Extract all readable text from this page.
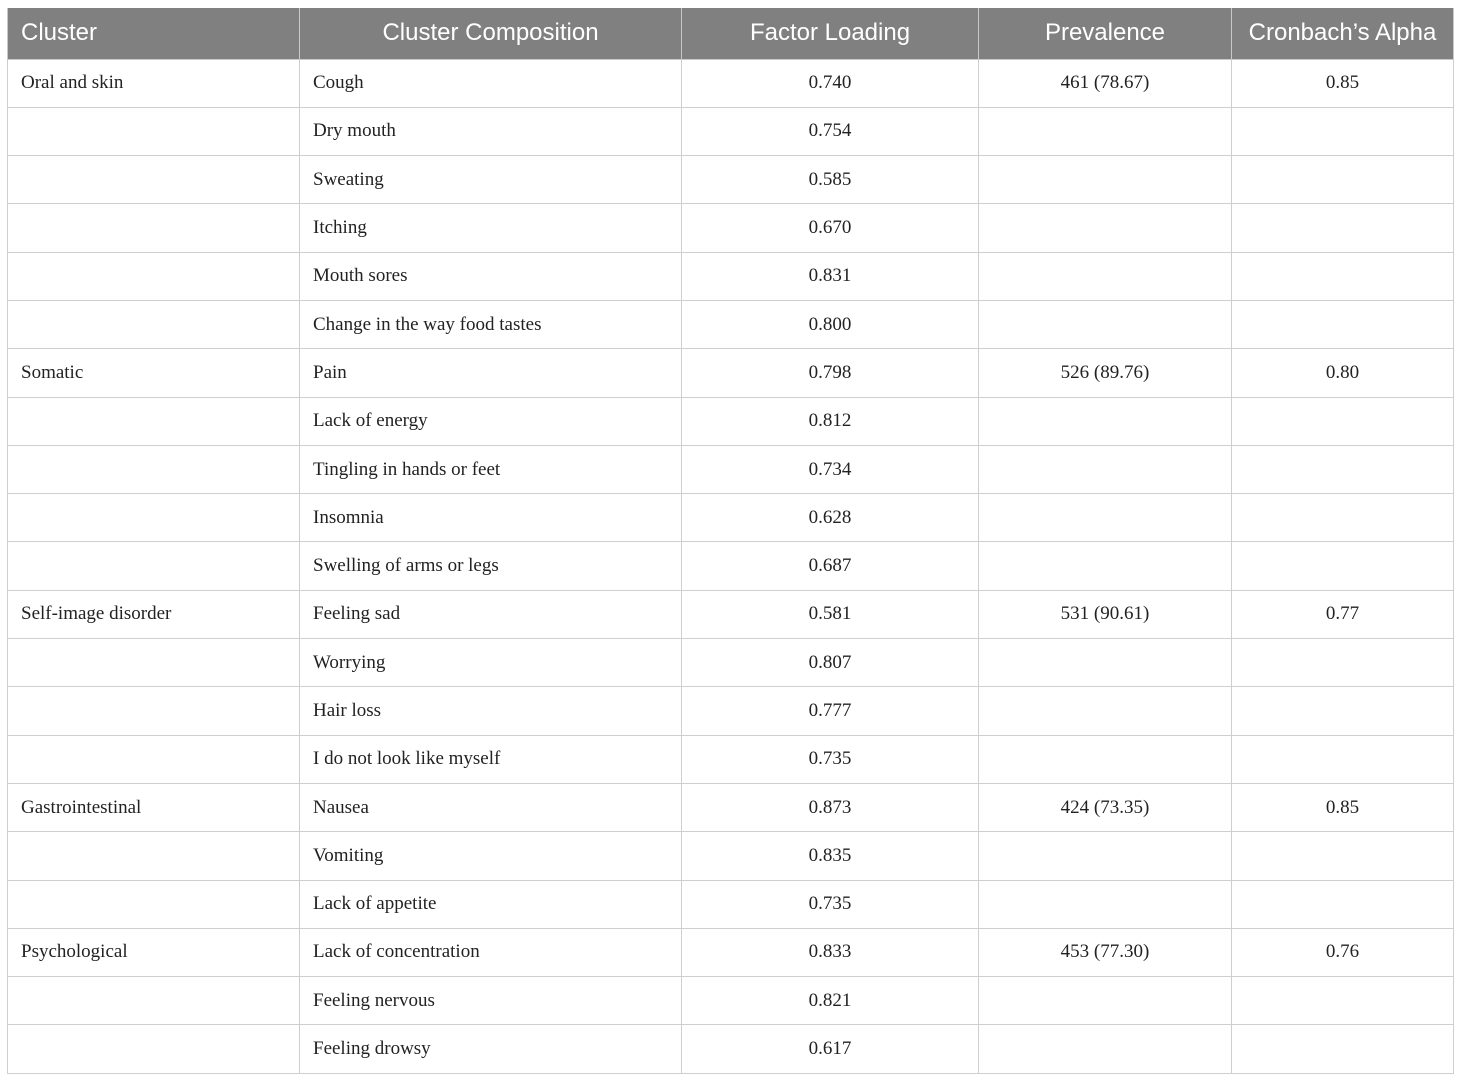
Cluster	Cluster Composition	Factor Loading	Prevalence	Cronbach’s Alpha
Oral and skin	Cough	0.740	461 (78.67)	0.85
	Dry mouth	0.754		
	Sweating	0.585		
	Itching	0.670		
	Mouth sores	0.831		
	Change in the way food tastes	0.800		
Somatic	Pain	0.798	526 (89.76)	0.80
	Lack of energy	0.812		
	Tingling in hands or feet	0.734		
	Insomnia	0.628		
	Swelling of arms or legs	0.687		
Self-image disorder	Feeling sad	0.581	531 (90.61)	0.77
	Worrying	0.807		
	Hair loss	0.777		
	I do not look like myself	0.735		
Gastrointestinal	Nausea	0.873	424 (73.35)	0.85
	Vomiting	0.835		
	Lack of appetite	0.735		
Psychological	Lack of concentration	0.833	453 (77.30)	0.76
	Feeling nervous	0.821		
	Feeling drowsy	0.617		
